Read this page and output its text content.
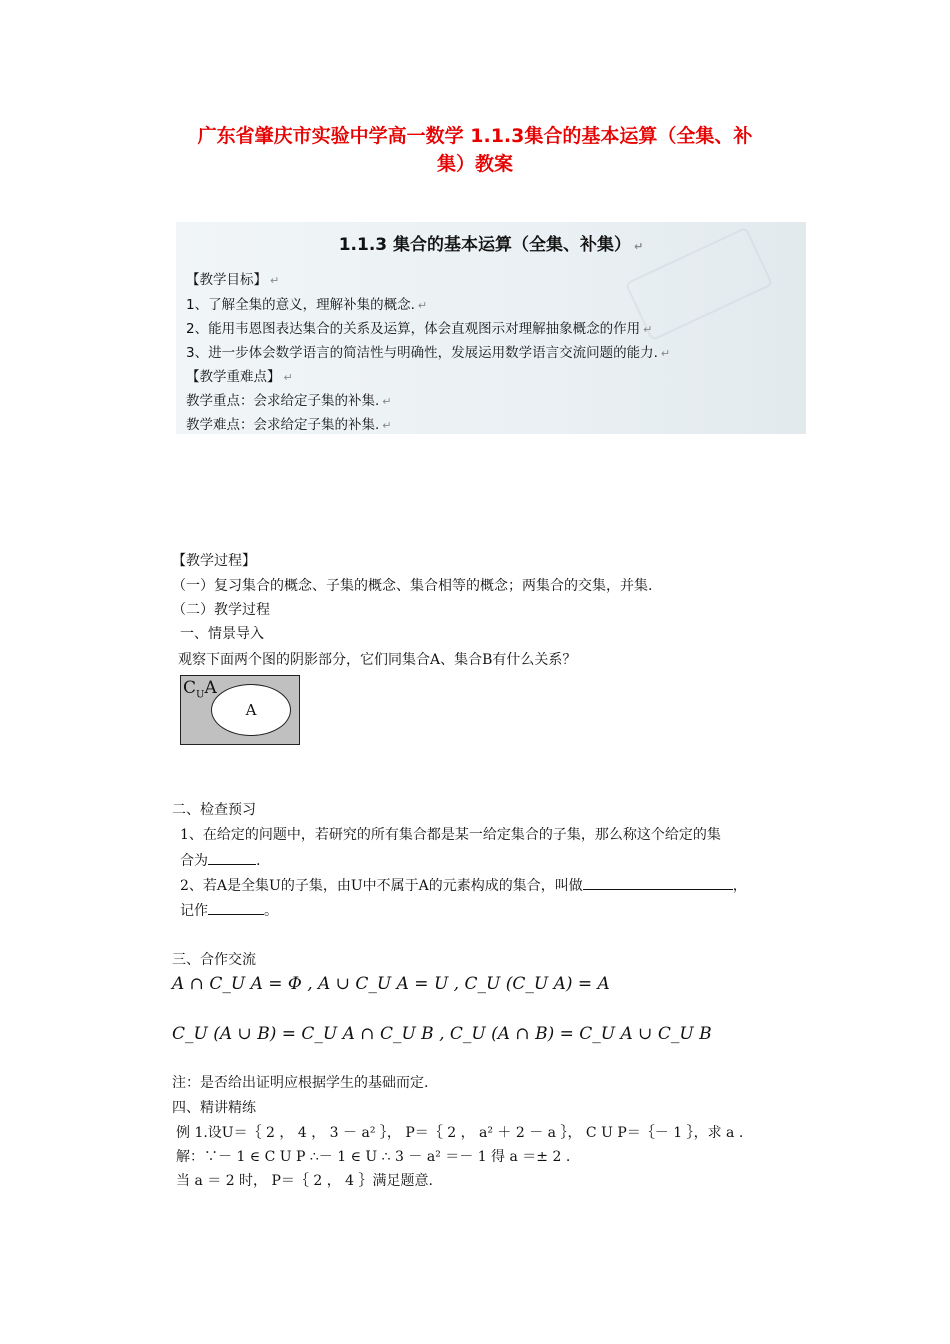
广东省肇庆市实验中学高一数学 1.1.3集合的基本运算（全集、补
集）教案
1.1.3 集合的基本运算（全集、补集） ↵
【教学目标】 ↵
1、了解全集的意义，理解补集的概念. ↵
2、能用韦恩图表达集合的关系及运算，体会直观图示对理解抽象概念的作用 ↵
3、进一步体会数学语言的简洁性与明确性，发展运用数学语言交流问题的能力. ↵
【教学重难点】 ↵
教学重点：会求给定子集的补集. ↵
教学难点：会求给定子集的补集. ↵
【教学过程】
（一）复习集合的概念、子集的概念、集合相等的概念；两集合的交集，并集.
（二）教学过程
一、情景导入
观察下面两个图的阴影部分，它们同集合A、集合B有什么关系？
$C_UA$
A
二、检查预习
1、在给定的问题中，若研究的所有集合都是某一给定集合的子集，那么称这个给定的集
合为	.
2、若A是全集U的子集，由U中不属于A的元素构成的集合，叫做	，
记作	。
三、合作交流
A ∩ C_U A = Φ , A ∪ C_U A = U , C_U (C_U A) = A
C_U (A ∪ B) = C_U A ∩ C_U B , C_U (A ∩ B) = C_U A ∪ C_U B
注：是否给出证明应根据学生的基础而定.
四、精讲精练
例 1.设U＝｛ 2 ， 4 ， 3 － a² ｝， P＝｛ 2 ， a² ＋ 2 － a ｝， C U P＝｛－ 1 ｝，求 a .
解：∵－ 1 ∈ C U P ∴－ 1 ∈ U ∴ 3 － a² ＝－ 1 得 a ＝± 2 .
当 a ＝ 2 时， P＝｛ 2 ， 4 ｝满足题意.
